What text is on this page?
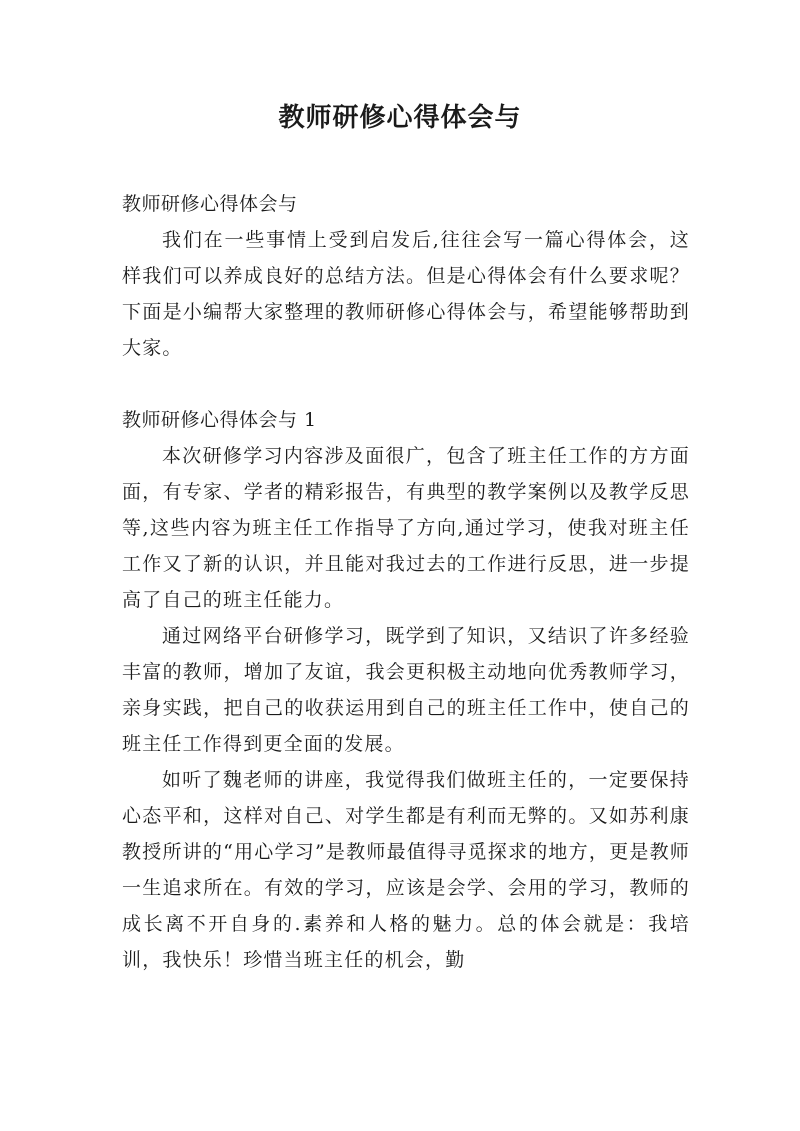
教师研修心得体会与

教师研修心得体会与

我们在一些事情上受到启发后,往往会写一篇心得体会，这样我们可以养成良好的总结方法。但是心得体会有什么要求呢？下面是小编帮大家整理的教师研修心得体会与，希望能够帮助到大家。

教师研修心得体会与 1

本次研修学习内容涉及面很广，包含了班主任工作的方方面面，有专家、学者的精彩报告，有典型的教学案例以及教学反思等,这些内容为班主任工作指导了方向,通过学习，使我对班主任工作又了新的认识，并且能对我过去的工作进行反思，进一步提高了自己的班主任能力。

通过网络平台研修学习，既学到了知识，又结识了许多经验丰富的教师，增加了友谊，我会更积极主动地向优秀教师学习，亲身实践，把自己的收获运用到自己的班主任工作中，使自己的班主任工作得到更全面的发展。

如听了魏老师的讲座，我觉得我们做班主任的，一定要保持心态平和，这样对自己、对学生都是有利而无弊的。又如苏利康教授所讲的“用心学习”是教师最值得寻觅探求的地方，更是教师一生追求所在。有效的学习，应该是会学、会用的学习，教师的成长离不开自身的.素养和人格的魅力。总的体会就是：我培训，我快乐！珍惜当班主任的机会，勤
